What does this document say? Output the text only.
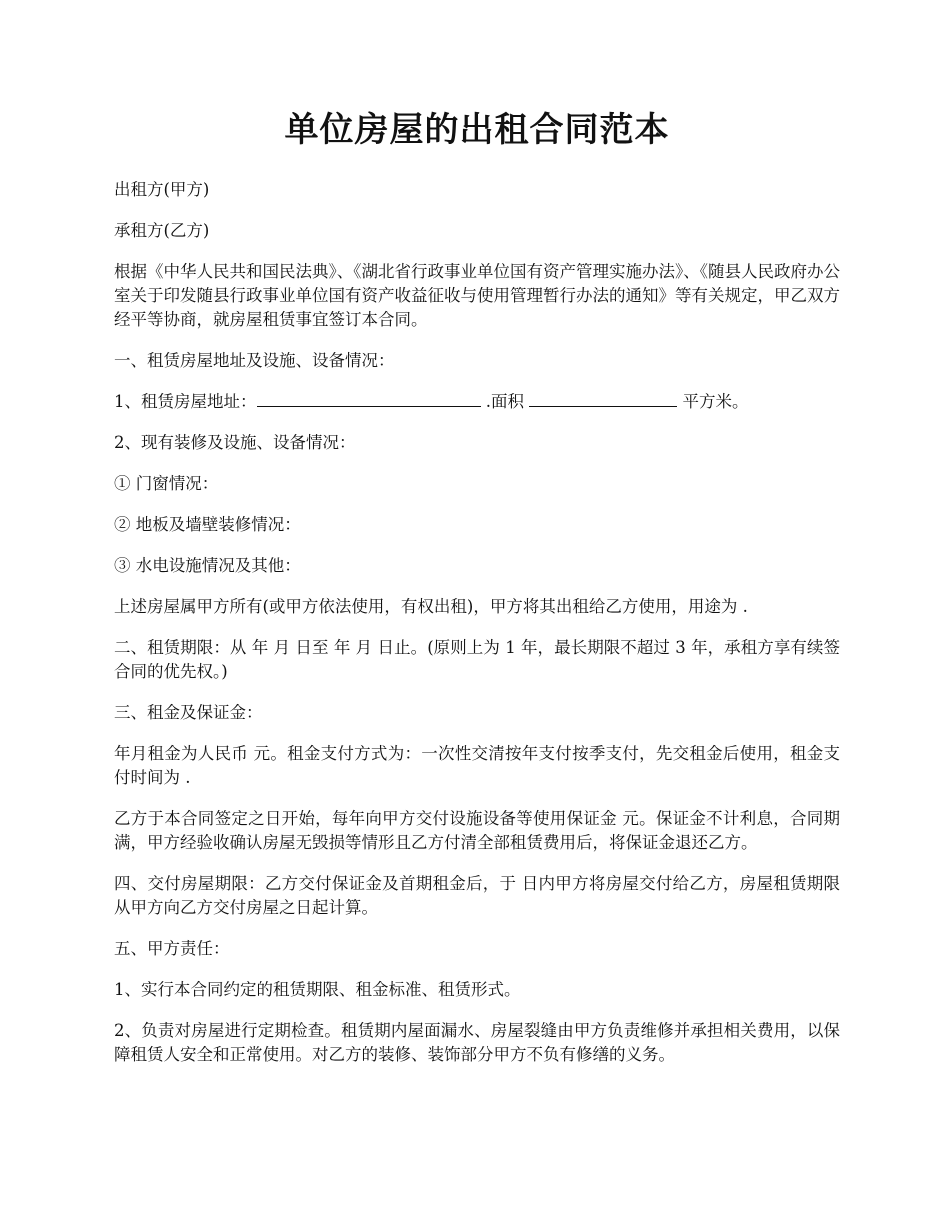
单位房屋的出租合同范本

出租方(甲方)

承租方(乙方)

根据《中华人民共和国民法典》、《湖北省行政事业单位国有资产管理实施办法》、《随县人民政府办公室关于印发随县行政事业单位国有资产收益征收与使用管理暂行办法的通知》等有关规定，甲乙双方经平等协商，就房屋租赁事宜签订本合同。

一、租赁房屋地址及设施、设备情况：

1、租赁房屋地址：	.面积	平方米。

2、现有装修及设施、设备情况：

① 门窗情况：

② 地板及墙壁装修情况：

③ 水电设施情况及其他：

上述房屋属甲方所有(或甲方依法使用，有权出租)，甲方将其出租给乙方使用，用途为 .

二、租赁期限：从 年 月 日至 年 月 日止。(原则上为 1 年，最长期限不超过 3 年，承租方享有续签合同的优先权。)

三、租金及保证金：

年月租金为人民币 元。租金支付方式为：一次性交清按年支付按季支付，先交租金后使用，租金支付时间为 .

乙方于本合同签定之日开始，每年向甲方交付设施设备等使用保证金 元。保证金不计利息，合同期满，甲方经验收确认房屋无毁损等情形且乙方付清全部租赁费用后，将保证金退还乙方。

四、交付房屋期限：乙方交付保证金及首期租金后，于 日内甲方将房屋交付给乙方，房屋租赁期限从甲方向乙方交付房屋之日起计算。

五、甲方责任：

1、实行本合同约定的租赁期限、租金标准、租赁形式。

2、负责对房屋进行定期检查。租赁期内屋面漏水、房屋裂缝由甲方负责维修并承担相关费用，以保障租赁人安全和正常使用。对乙方的装修、装饰部分甲方不负有修缮的义务。
